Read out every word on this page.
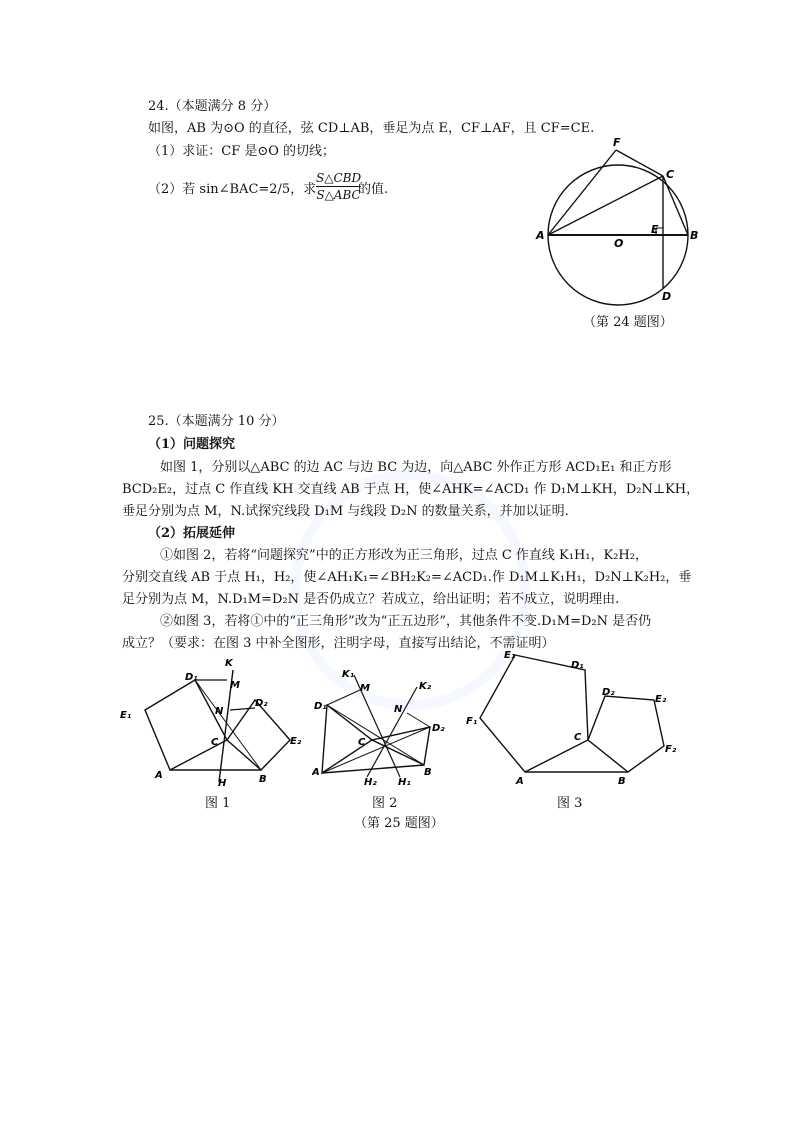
24.（本题满分 8 分）
如图，AB 为⊙O 的直径，弦 CD⊥AB，垂足为点 E，CF⊥AF，且 CF=CE.
（1）求证：CF 是⊙O 的切线；
（2）若 sin∠BAC=2/5，求
S△CBD
S△ABC
的值.
F
C
A
O
E	B
D
（第 24 题图）
25.（本题满分 10 分）
（1）问题探究
如图 1，分别以△ABC 的边 AC 与边 BC 为边，向△ABC 外作正方形 ACD₁E₁ 和正方形
BCD₂E₂，过点 C 作直线 KH 交直线 AB 于点 H，使∠AHK=∠ACD₁ 作 D₁M⊥KH，D₂N⊥KH，
垂足分别为点 M，N.试探究线段 D₁M 与线段 D₂N 的数量关系，并加以证明.
（2）拓展延伸
①如图 2，若将“问题探究”中的正方形改为正三角形，过点 C 作直线 K₁H₁，K₂H₂，
分别交直线 AB 于点 H₁，H₂，使∠AH₁K₁=∠BH₂K₂=∠ACD₁.作 D₁M⊥K₁H₁，D₂N⊥K₂H₂，垂
足分别为点 M，N.D₁M=D₂N 是否仍成立？若成立，给出证明；若不成立，说明理由.
②如图 3，若将①中的“正三角形”改为“正五边形”，其他条件不变.D₁M=D₂N 是否仍
成立？（要求：在图 3 中补全图形，注明字母，直接写出结论，不需证明）
K
D₁
M
N
D₂
E₁
C	E₂
A
H	B
图 1
K₁
K₂
M
N
D₁
C
D₂
A
H₂ H₁
B
图 2
E₁
D₁
D₂
E₂
F₁
F₂
C
A	B
图 3
（第 25 题图）
